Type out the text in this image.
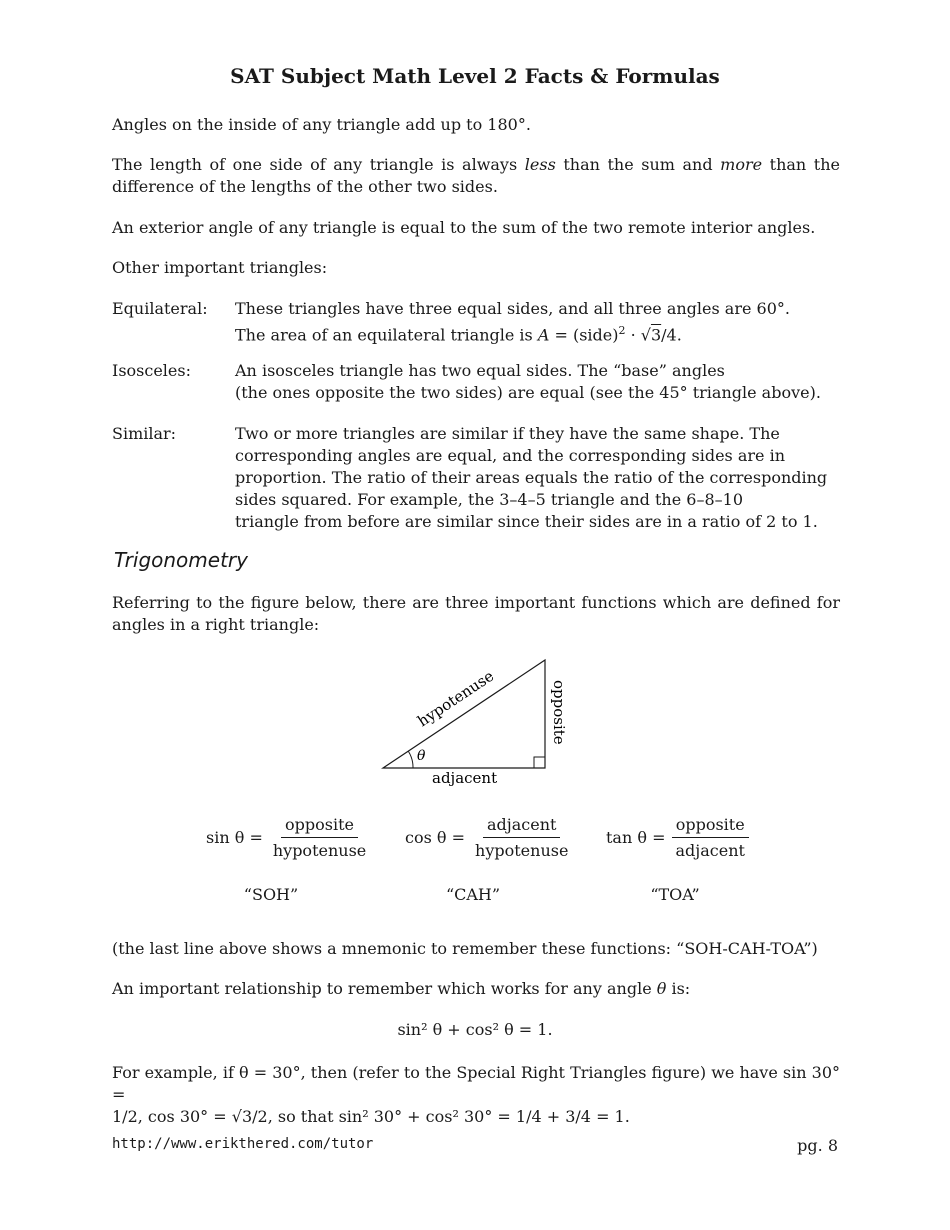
SAT Subject Math Level 2 Facts & Formulas
Angles on the inside of any triangle add up to 180°.
The length of one side of any triangle is always less than the sum and more than the difference of the lengths of the other two sides.
An exterior angle of any triangle is equal to the sum of the two remote interior angles.
Other important triangles:
Equilateral: These triangles have three equal sides, and all three angles are 60°.
The area of an equilateral triangle is A = (side)$^2$ · √3/4.
Isosceles:	An isosceles triangle has two equal sides. The “base” angles
(the ones opposite the two sides) are equal (see the 45° triangle above).
Similar:	Two or more triangles are similar if they have the same shape. The
corresponding angles are equal, and the corresponding sides are in
proportion. The ratio of their areas equals the ratio of the corresponding
sides squared. For example, the 3–4–5 triangle and the 6–8–10
triangle from before are similar since their sides are in a ratio of 2 to 1.
Trigonometry
Referring to the figure below, there are three important functions which are defined for angles in a right triangle:
θ
adjacent
opposite
hypotenuse
$\sin \theta = \frac{\text{opposite}}{\text{hypotenuse}}$ $\cos \theta = \frac{\text{adjacent}}{\text{hypotenuse}}$ $\tan \theta = \frac{\text{opposite}}{\text{adjacent}}$
“SOH”	“CAH”	“TOA”
(the last line above shows a mnemonic to remember these functions: “SOH-CAH-TOA”)
An important relationship to remember which works for any angle θ is:
sin² θ + cos² θ = 1.
For example, if θ = 30°, then (refer to the Special Right Triangles figure) we have sin 30° =
1/2, cos 30° = √3/2, so that sin² 30° + cos² 30° = 1/4 + 3/4 = 1.
http://www.erikthered.com/tutor	pg. 8
